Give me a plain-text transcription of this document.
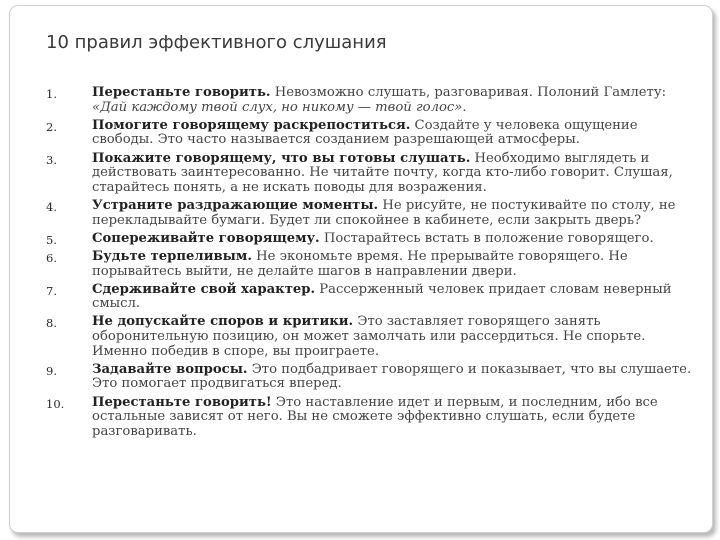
10 правил эффективного слушания
1.	Перестаньте говорить. Невозможно слушать, разговаривая. Полоний Гамлету: «Дай каждому твой слух, но никому — твой голос».
2.	Помогите говорящему раскрепоститься. Создайте у человека ощущение свободы. Это часто называется созданием разрешающей атмосферы.
3.	Покажите говорящему, что вы готовы слушать. Необходимо выглядеть и действовать заинтересованно. Не читайте почту, когда кто-либо говорит. Слушая, старайтесь понять, а не искать поводы для возражения.
4.	Устраните раздражающие моменты. Не рисуйте, не постукивайте по столу, не перекладывайте бумаги. Будет ли спокойнее в кабинете, если закрыть дверь?
5.	Сопереживайте говорящему. Постарайтесь встать в положение говорящего.
6.	Будьте терпеливым. Не экономьте время. Не прерывайте говорящего. Не порывайтесь выйти, не делайте шагов в направлении двери.
7.	Сдерживайте свой характер. Рассерженный человек придает словам неверный смысл.
8.	Не допускайте споров и критики. Это заставляет говорящего занять оборонительную позицию, он может замолчать или рассердиться. Не спорьте. Именно победив в споре, вы проиграете.
9.	Задавайте вопросы. Это подбадривает говорящего и показывает, что вы слушаете. Это помогает продвигаться вперед.
10.	Перестаньте говорить! Это наставление идет и первым, и последним, ибо все остальные зависят от него. Вы не сможете эффективно слушать, если будете разговаривать.
